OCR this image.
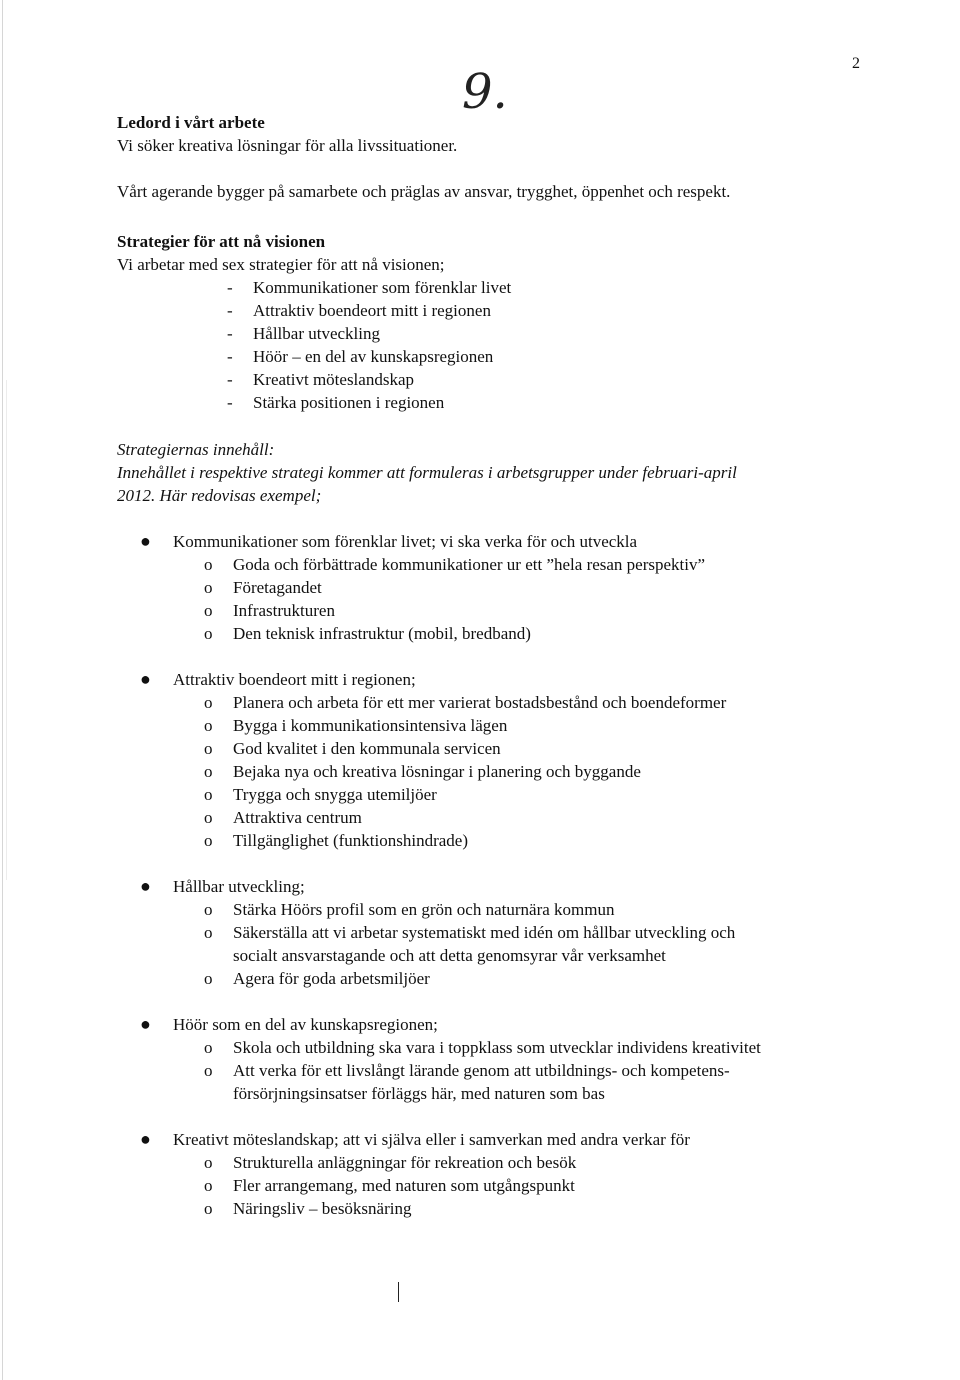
2
9.
Ledord i vårt arbete
Vi söker kreativa lösningar för alla livssituationer.
Vårt agerande bygger på samarbete och präglas av ansvar, trygghet, öppenhet och respekt.
Strategier för att nå visionen
Vi arbetar med sex strategier för att nå visionen;
- Kommunikationer som förenklar livet
- Attraktiv boendeort mitt i regionen
- Hållbar utveckling
- Höör – en del av kunskapsregionen
- Kreativt möteslandskap
- Stärka positionen i regionen
Strategiernas innehåll:
Innehållet i respektive strategi kommer att formuleras i arbetsgrupper under februari-april
2012. Här redovisas exempel;
● Kommunikationer som förenklar livet; vi ska verka för och utveckla
o Goda och förbättrade kommunikationer ur ett ”hela resan perspektiv”
o Företagandet
o Infrastrukturen
o Den teknisk infrastruktur (mobil, bredband)
● Attraktiv boendeort mitt i regionen;
o Planera och arbeta för ett mer varierat bostadsbestånd och boendeformer
o Bygga i kommunikationsintensiva lägen
o God kvalitet i den kommunala servicen
o Bejaka nya och kreativa lösningar i planering och byggande
o Trygga och snygga utemiljöer
o Attraktiva centrum
o Tillgänglighet (funktionshindrade)
● Hållbar utveckling;
o Stärka Höörs profil som en grön och naturnära kommun
o Säkerställa att vi arbetar systematiskt med idén om hållbar utveckling och
socialt ansvarstagande och att detta genomsyrar vår verksamhet
o Agera för goda arbetsmiljöer
● Höör som en del av kunskapsregionen;
o Skola och utbildning ska vara i toppklass som utvecklar individens kreativitet
o Att verka för ett livslångt lärande genom att utbildnings- och kompetens-
försörjningsinsatser förläggs här, med naturen som bas
● Kreativt möteslandskap; att vi själva eller i samverkan med andra verkar för
o Strukturella anläggningar för rekreation och besök
o Fler arrangemang, med naturen som utgångspunkt
o Näringsliv – besöksnäring
